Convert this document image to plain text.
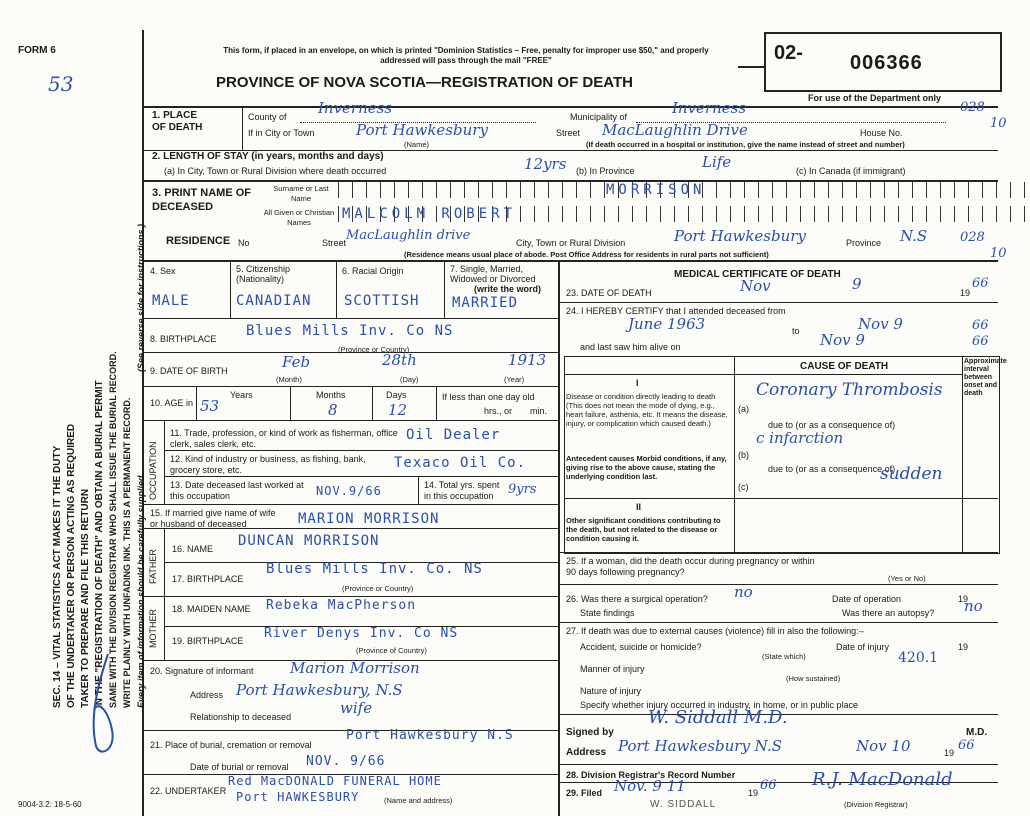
FORM 6
53
This form, if placed in an envelope, on which is printed "Dominion Statistics – Free, penalty for improper use $50," and properly addressed will pass through the mail "FREE"
PROVINCE OF NOVA SCOTIA—REGISTRATION OF DEATH
02- 006366
For use of the Department only
SEC. 14 – VITAL STATISTICS ACT MAKES IT THE DUTY OF THE UNDERTAKER OR PERSON ACTING AS REQUIRED TAKER TO PREPARE AND FILE THIS RETURN IN THE "REGISTRATION OF DEATH" AND OBTAIN A BURIAL PERMIT SAME WITH THE DIVISION REGISTRAR WHO SHALL ISSUE THE BURIAL RECORD. WRITE PLAINLY WITH UNFADING INK. THIS IS A PERMANENT RECORD. Every item of information should be carefully supplied.
(See reverse side for instructions.)
1. PLACE OF DEATH
County of Inverness	Municipality of	Inverness	028
10
If in City or Town	Port Hawkesbury
(Name)
Street MacLaughlin Drive	House No.
(If death occurred in a hospital or institution, give the name instead of street and number)
2. LENGTH OF STAY (in years, months and days)
(a) In City, Town or Rural Division where death occurred	12yrs (b) In Province	Life	(c) In Canada (if immigrant)
3. PRINT NAME OF DECEASED
Surname or Last Name
MORRISON
All Given or Christian Names
MALCOLM ROBERT
RESIDENCE No	Street MacLaughlin drive	City, Town or Rural Division	Port Hawkesbury	Province N.S	028
10
(Residence means usual place of abode. Post Office Address for residents in rural parts not sufficient)
4. Sex
MALE
5. Citizenship (Nationality)
CANADIAN
6. Racial Origin
SCOTTISH
7. Single, Married, Widowed or Divorced
(write the word)
MARRIED
8. BIRTHPLACE Blues Mills Inv. Co NS
(Province or Country)
9. DATE OF BIRTH	Feb	28th	1913
(Month)	(Day)	(Year)
10. AGE in
Years
53
Months
8
Days
12
If less than one day old
hrs., or min.
OCCUPATION
11. Trade, profession, or kind of work as fisherman, office clerk, sales clerk, etc.
Oil Dealer
12. Kind of industry or business, as fishing, bank, grocery store, etc.	Texaco Oil Co.
13. Date deceased last worked at this occupation	NOV.9/66	14. Total yrs. spent in this occupation	9yrs
15. If married give name of wife or husband of deceased	MARION MORRISON
FATHER
16. NAME DUNCAN MORRISON
17. BIRTHPLACE
Blues Mills Inv. Co. NS
(Province or Country)
MOTHER 18. MAIDEN NAME Rebeka MacPherson
19. BIRTHPLACE River Denys Inv. Co NS
(Province of Country)
20. Signature of informant Marion Morrison
Address Port Hawkesbury, N.S
Relationship to deceased	wife
21. Place of burial, cremation or removal
Port Hawkesbury N.S
Date of burial or removal NOV. 9/66
22. UNDERTAKER
Red MacDONALD FUNERAL HOME
Port HAWKESBURY	(Name and address)
9004-3.2: 18-5-60
MEDICAL CERTIFICATE OF DEATH
23. DATE OF DEATH	Nov	9	19
66
24. I HEREBY CERTIFY that I attended deceased from
June 1963	to	Nov 9	66
and last saw him alive on	Nov 9	66
CAUSE OF DEATH	Approximate interval between onset and death
I
Disease or condition directly leading to death (This does not mean the mode of dying, e.g., heart failure, asthenia, etc. It means the disease, injury, or complication which caused death.)
(a)
Coronary Thrombosis
due to (or as a consequence of)
Antecedent causes Morbid conditions, if any, giving rise to the above cause, stating the underlying condition last.
(b)
c infarction
due to (or as a consequence of)
(c)
sudden
II
Other significant conditions contributing to the death, but not related to the disease or condition causing it.
25. If a woman, did the death occur during pregnancy or within 90 days following pregnancy?
(Yes or No)
26. Was there a surgical operation? no	Date of operation	19
State findings	Was there an autopsy? no
27. If death was due to external causes (violence) fill in also the following:–
Accident, suicide or homicide?
(State which)
Date of injury	19
Manner of injury
420.1
(How sustained)
Nature of injury
Specify whether injury occurred in industry, in home, or in public place
Signed by
W. Siddall M.D.
M.D.
Address Port Hawkesbury N.S	Nov 10	19 66
28. Division Registrar's Record Number
29. Filed Nov. 9 11	19 66 R.J. MacDonald
(Division Registrar)
W. SIDDALL
